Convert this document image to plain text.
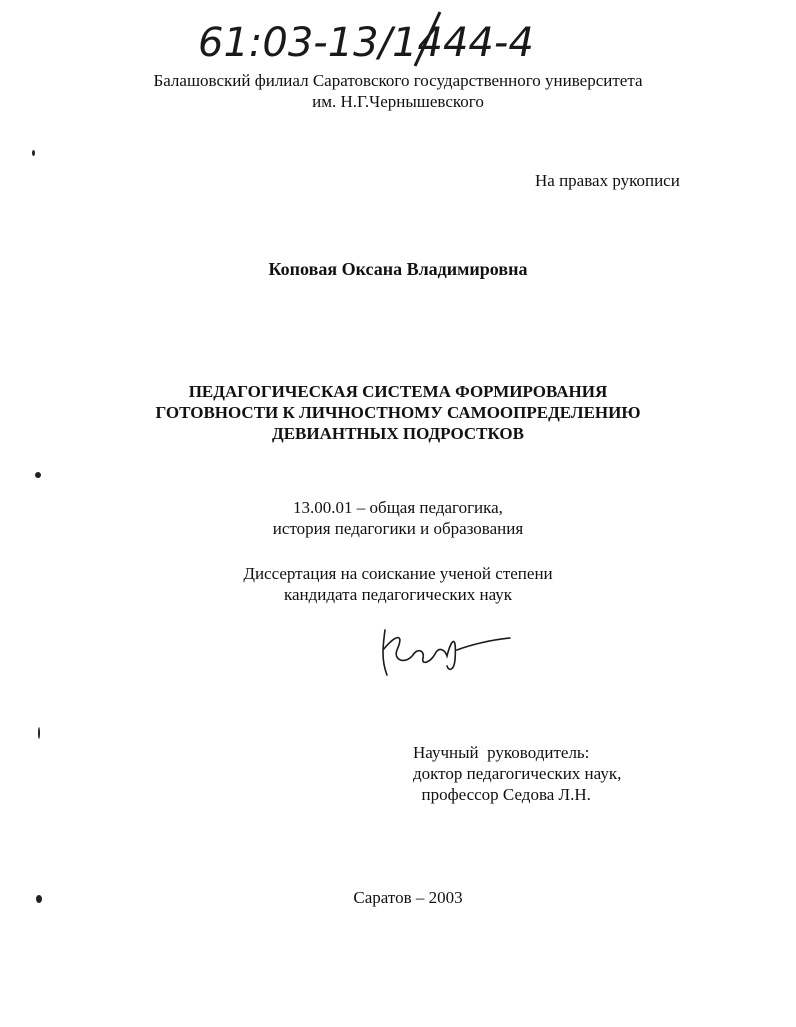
61:03-13/1444-4
Балашовский филиал Саратовского государственного университета
им. Н.Г.Чернышевского
На правах рукописи
Коповая Оксана Владимировна
ПЕДАГОГИЧЕСКАЯ СИСТЕМА ФОРМИРОВАНИЯ
ГОТОВНОСТИ К ЛИЧНОСТНОМУ САМООПРЕДЕЛЕНИЮ
ДЕВИАНТНЫХ ПОДРОСТКОВ
13.00.01 – общая педагогика,
история педагогики и образования
Диссертация на соискание ученой степени
кандидата педагогических наук
Научный  руководитель:
доктор педагогических наук,
профессор Седова Л.Н.
Саратов – 2003
